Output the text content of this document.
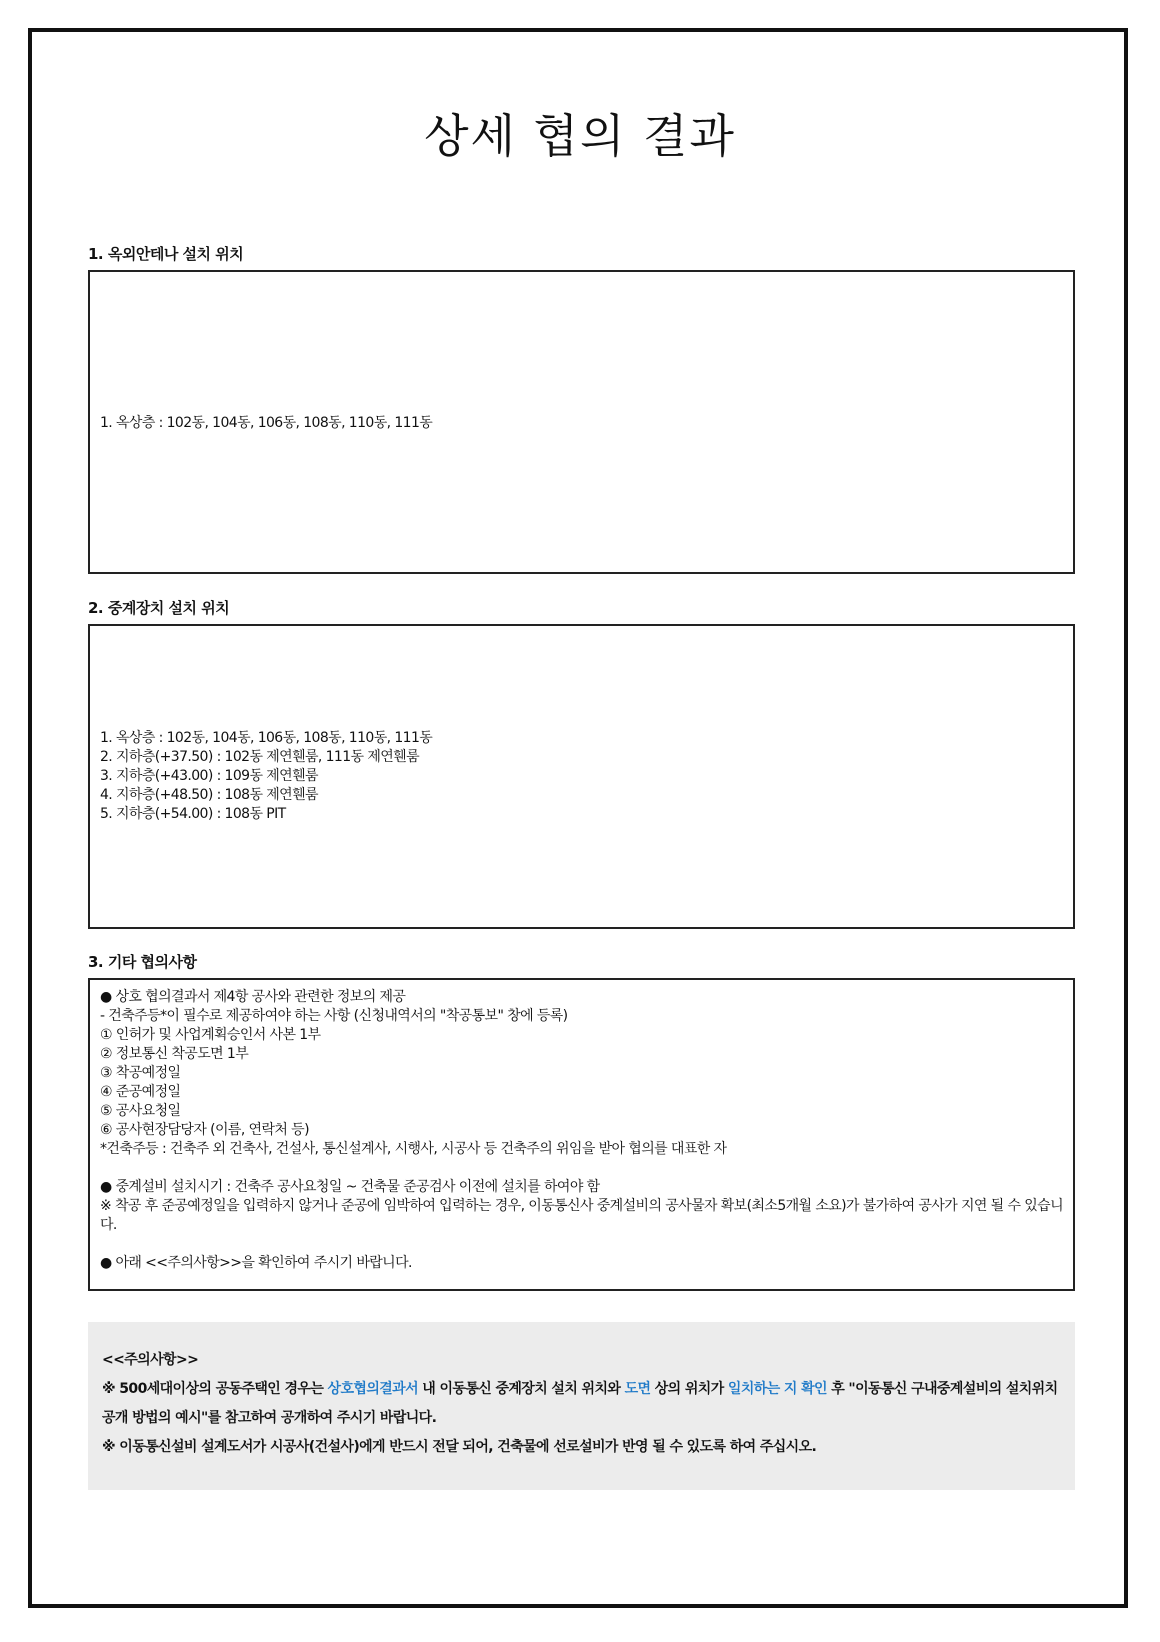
상세 협의 결과
1. 옥외안테나 설치 위치
1. 옥상층 : 102동, 104동, 106동, 108동, 110동, 111동
2. 중계장치 설치 위치
1. 옥상층 : 102동, 104동, 106동, 108동, 110동, 111동
2. 지하층(+37.50) : 102동 제연휀룸, 111동 제연휀룸
3. 지하층(+43.00) : 109동 제연휀룸
4. 지하층(+48.50) : 108동 제연휀룸
5. 지하층(+54.00) : 108동 PIT
3. 기타 협의사항
● 상호 협의결과서 제4항 공사와 관련한 정보의 제공
- 건축주등*이 필수로 제공하여야 하는 사항 (신청내역서의 "착공통보" 창에 등록)
① 인허가 및 사업계획승인서 사본 1부
② 정보통신 착공도면 1부
③ 착공예정일
④ 준공예정일
⑤ 공사요청일
⑥ 공사현장담당자 (이름, 연락처 등)
*건축주등 : 건축주 외 건축사, 건설사, 통신설계사, 시행사, 시공사 등 건축주의 위임을 받아 협의를 대표한 자
● 중계설비 설치시기 : 건축주 공사요청일 ~ 건축물 준공검사 이전에 설치를 하여야 함
※ 착공 후 준공예정일을 입력하지 않거나 준공에 임박하여 입력하는 경우, 이동통신사 중계설비의 공사물자 확보(최소5개월 소요)가 불가하여 공사가 지연 될 수 있습니다.
● 아래 <<주의사항>>을 확인하여 주시기 바랍니다.
<<주의사항>>
※ 500세대이상의 공동주택인 경우는 상호협의결과서 내 이동통신 중계장치 설치 위치와 도면 상의 위치가 일치하는 지 확인 후 "이동통신 구내중계설비의 설치위치 공개 방법의 예시"를 참고하여 공개하여 주시기 바랍니다.
※ 이동통신설비 설계도서가 시공사(건설사)에게 반드시 전달 되어, 건축물에 선로설비가 반영 될 수 있도록 하여 주십시오.
